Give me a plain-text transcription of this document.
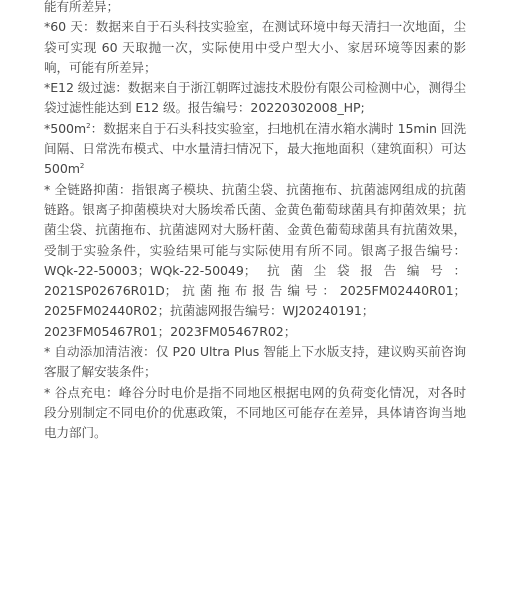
能有所差异；

*60 天：数据来自于石头科技实验室，在测试环境中每天清扫一次地面，尘袋可实现 60 天取抛一次，实际使用中受户型大小、家居环境等因素的影响，可能有所差异；

*E12 级过滤：数据来自于浙江朝晖过滤技术股份有限公司检测中心，测得尘袋过滤性能达到 E12 级。报告编号：20220302008_HP;

$*500m^2$：数据来自于石头科技实验室，扫地机在清水箱水满时 15min 回洗间隔、日常洗布模式、中水量清扫情况下，最大拖地面积（建筑面积）可达 $500m^2$

* 全链路抑菌：指银离子模块、抗菌尘袋、抗菌拖布、抗菌滤网组成的抗菌链路。银离子抑菌模块对大肠埃希氏菌、金黄色葡萄球菌具有抑菌效果；抗菌尘袋、抗菌拖布、抗菌滤网对大肠杆菌、金黄色葡萄球菌具有抗菌效果，受制于实验条件，实验结果可能与实际使用有所不同。银离子报告编号：WQk-22-50003；WQk-22-50049；抗菌尘袋报告编号：2021SP02676R01D；抗菌拖布报告编号：2025FM02440R01；2025FM02440R02；抗菌滤网报告编号：WJ20240191；
2023FM05467R01；2023FM05467R02；

* 自动添加清洁液：仅 P20 Ultra Plus 智能上下水版支持，建议购买前咨询客服了解安装条件；

* 谷点充电：峰谷分时电价是指不同地区根据电网的负荷变化情况，对各时段分别制定不同电价的优惠政策，不同地区可能存在差异，具体请咨询当地电力部门。
